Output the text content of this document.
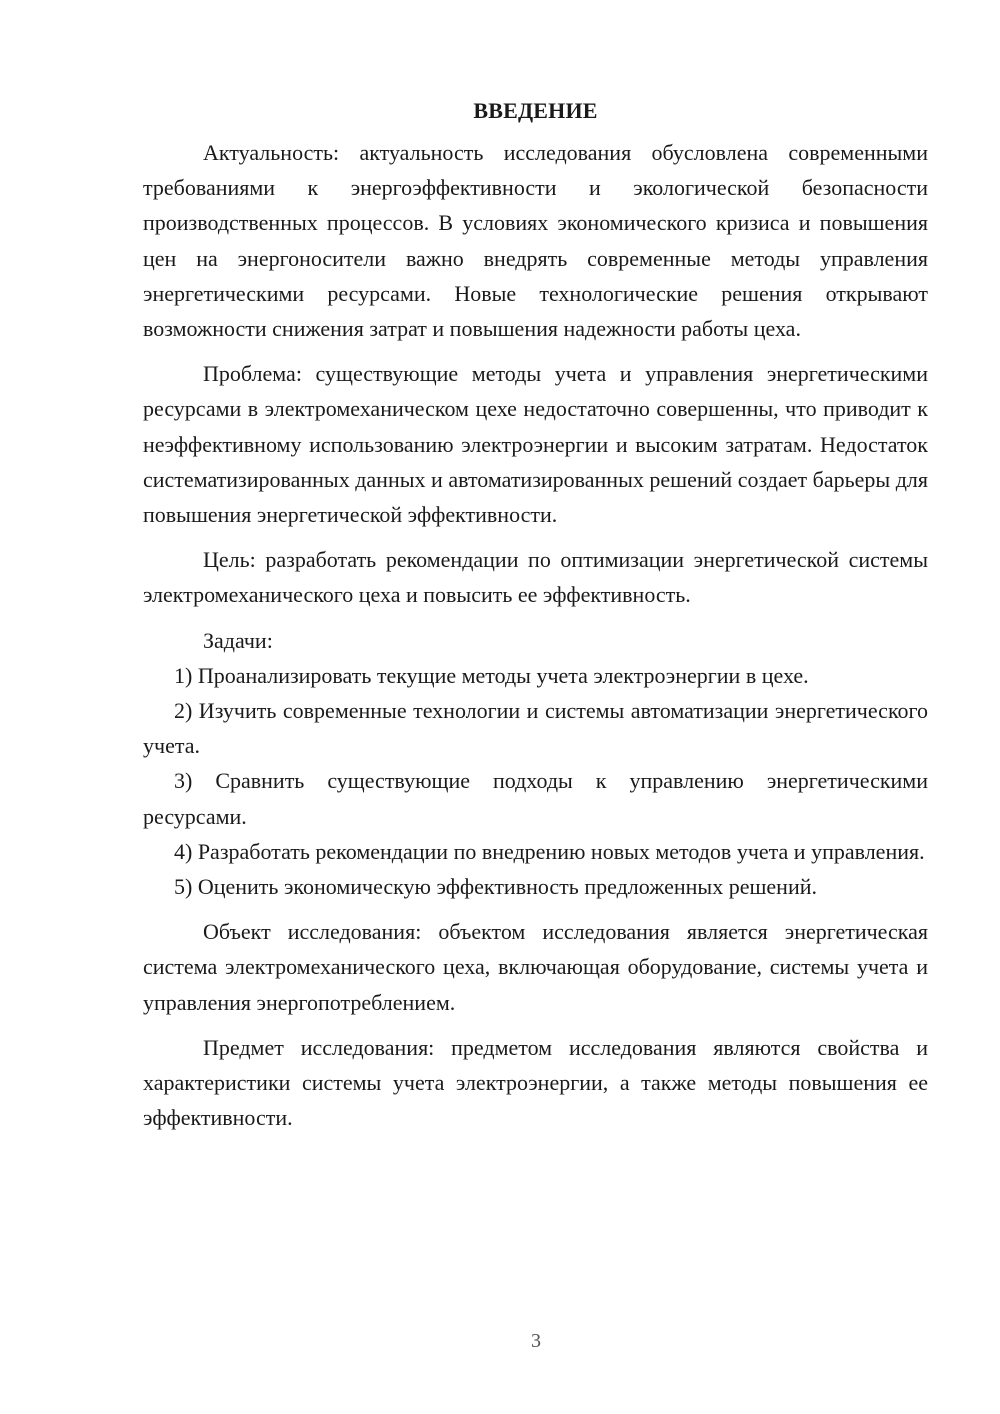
ВВЕДЕНИЕ

Актуальность: актуальность исследования обусловлена современными требованиями к энергоэффективности и экологической безопасности производственных процессов. В условиях экономического кризиса и повышения цен на энергоносители важно внедрять современные методы управления энергетическими ресурсами. Новые технологические решения открывают возможности снижения затрат и повышения надежности работы цеха.

Проблема: существующие методы учета и управления энергетическими ресурсами в электромеханическом цехе недостаточно совершенны, что приводит к неэффективному использованию электроэнергии и высоким затратам. Недостаток систематизированных данных и автоматизированных решений создает барьеры для повышения энергетической эффективности.

Цель: разработать рекомендации по оптимизации энергетической системы электромеханического цеха и повысить ее эффективность.

Задачи:

1) Проанализировать текущие методы учета электроэнергии в цехе.

2) Изучить современные технологии и системы автоматизации энергетического учета.

3) Сравнить существующие подходы к управлению энергетическими ресурсами.

4) Разработать рекомендации по внедрению новых методов учета и управления.

5) Оценить экономическую эффективность предложенных решений.

Объект исследования: объектом исследования является энергетическая система электромеханического цеха, включающая оборудование, системы учета и управления энергопотреблением.

Предмет исследования: предметом исследования являются свойства и характеристики системы учета электроэнергии, а также методы повышения ее эффективности.

3
